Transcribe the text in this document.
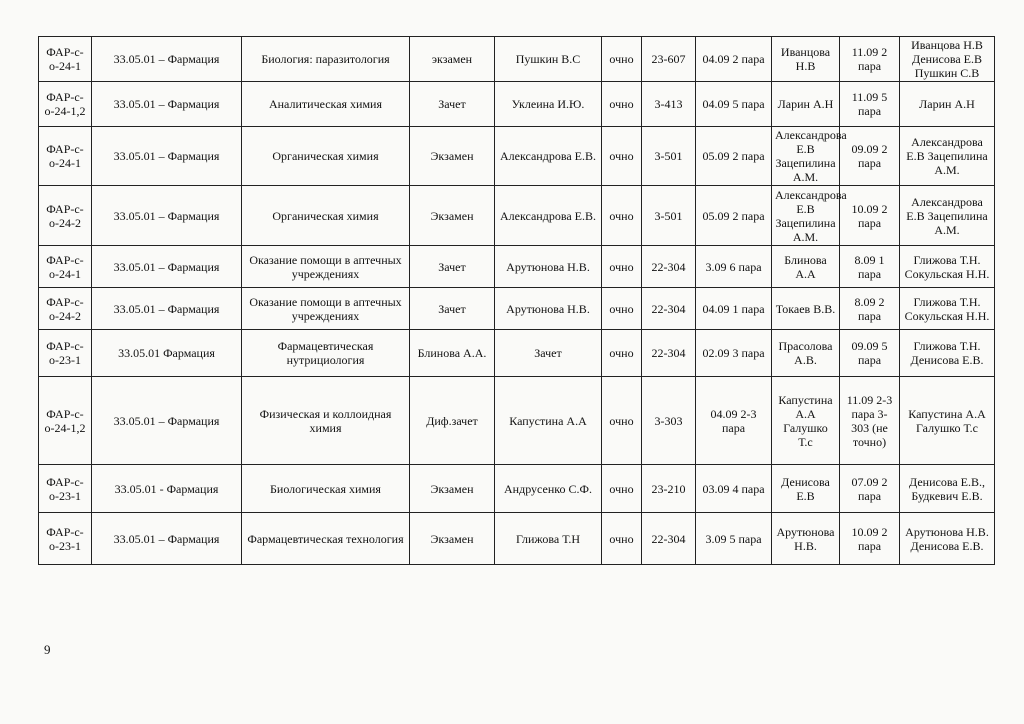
ФАР-с-о-24-1	33.05.01 – Фармация	Биология: паразитология	экзамен	Пушкин В.С	очно	23-607	04.09 2 пара	Иванцова Н.В	11.09 2 пара	Иванцова Н.В Денисова Е.В Пушкин С.В
ФАР-с-о-24-1,2	33.05.01 – Фармация	Аналитическая химия	Зачет	Уклеина И.Ю.	очно	3-413	04.09 5 пара	Ларин А.Н	11.09 5 пара	Ларин А.Н
ФАР-с-о-24-1	33.05.01 – Фармация	Органическая химия	Экзамен	Александрова Е.В.	очно	3-501	05.09 2 пара	Александрова Е.В Зацепилина А.М.	09.09 2 пара	Александрова Е.В Зацепилина А.М.
ФАР-с-о-24-2	33.05.01 – Фармация	Органическая химия	Экзамен	Александрова Е.В.	очно	3-501	05.09 2 пара	Александрова Е.В Зацепилина А.М.	10.09 2 пара	Александрова Е.В Зацепилина А.М.
ФАР-с-о-24-1	33.05.01 – Фармация	Оказание помощи в аптечных учреждениях	Зачет	Арутюнова Н.В.	очно	22-304	3.09 6 пара	Блинова А.А	8.09 1 пара	Глижова Т.Н. Сокульская Н.Н.
ФАР-с-о-24-2	33.05.01 – Фармация	Оказание помощи в аптечных учреждениях	Зачет	Арутюнова Н.В.	очно	22-304	04.09 1 пара	Токаев В.В.	8.09 2 пара	Глижова Т.Н. Сокульская Н.Н.
ФАР-с-о-23-1	33.05.01 Фармация	Фармацевтическая нутрициология	Блинова А.А.	Зачет	очно	22-304	02.09 3 пара	Прасолова А.В.	09.09 5 пара	Глижова Т.Н. Денисова Е.В.
ФАР-с-о-24-1,2	33.05.01 – Фармация	Физическая и коллоидная химия	Диф.зачет	Капустина А.А	очно	3-303	04.09 2-3 пара	Капустина А.А Галушко Т.с	11.09 2-3 пара 3-303 (не точно)	Капустина А.А Галушко Т.с
ФАР-с-о-23-1	33.05.01 - Фармация	Биологическая химия	Экзамен	Андрусенко С.Ф.	очно	23-210	03.09 4 пара	Денисова Е.В	07.09 2 пара	Денисова Е.В., Будкевич Е.В.
ФАР-с-о-23-1	33.05.01 – Фармация	Фармацевтическая технология	Экзамен	Глижова Т.Н	очно	22-304	3.09 5 пара	Арутюнова Н.В.	10.09 2 пара	Арутюнова Н.В. Денисова Е.В.
9
